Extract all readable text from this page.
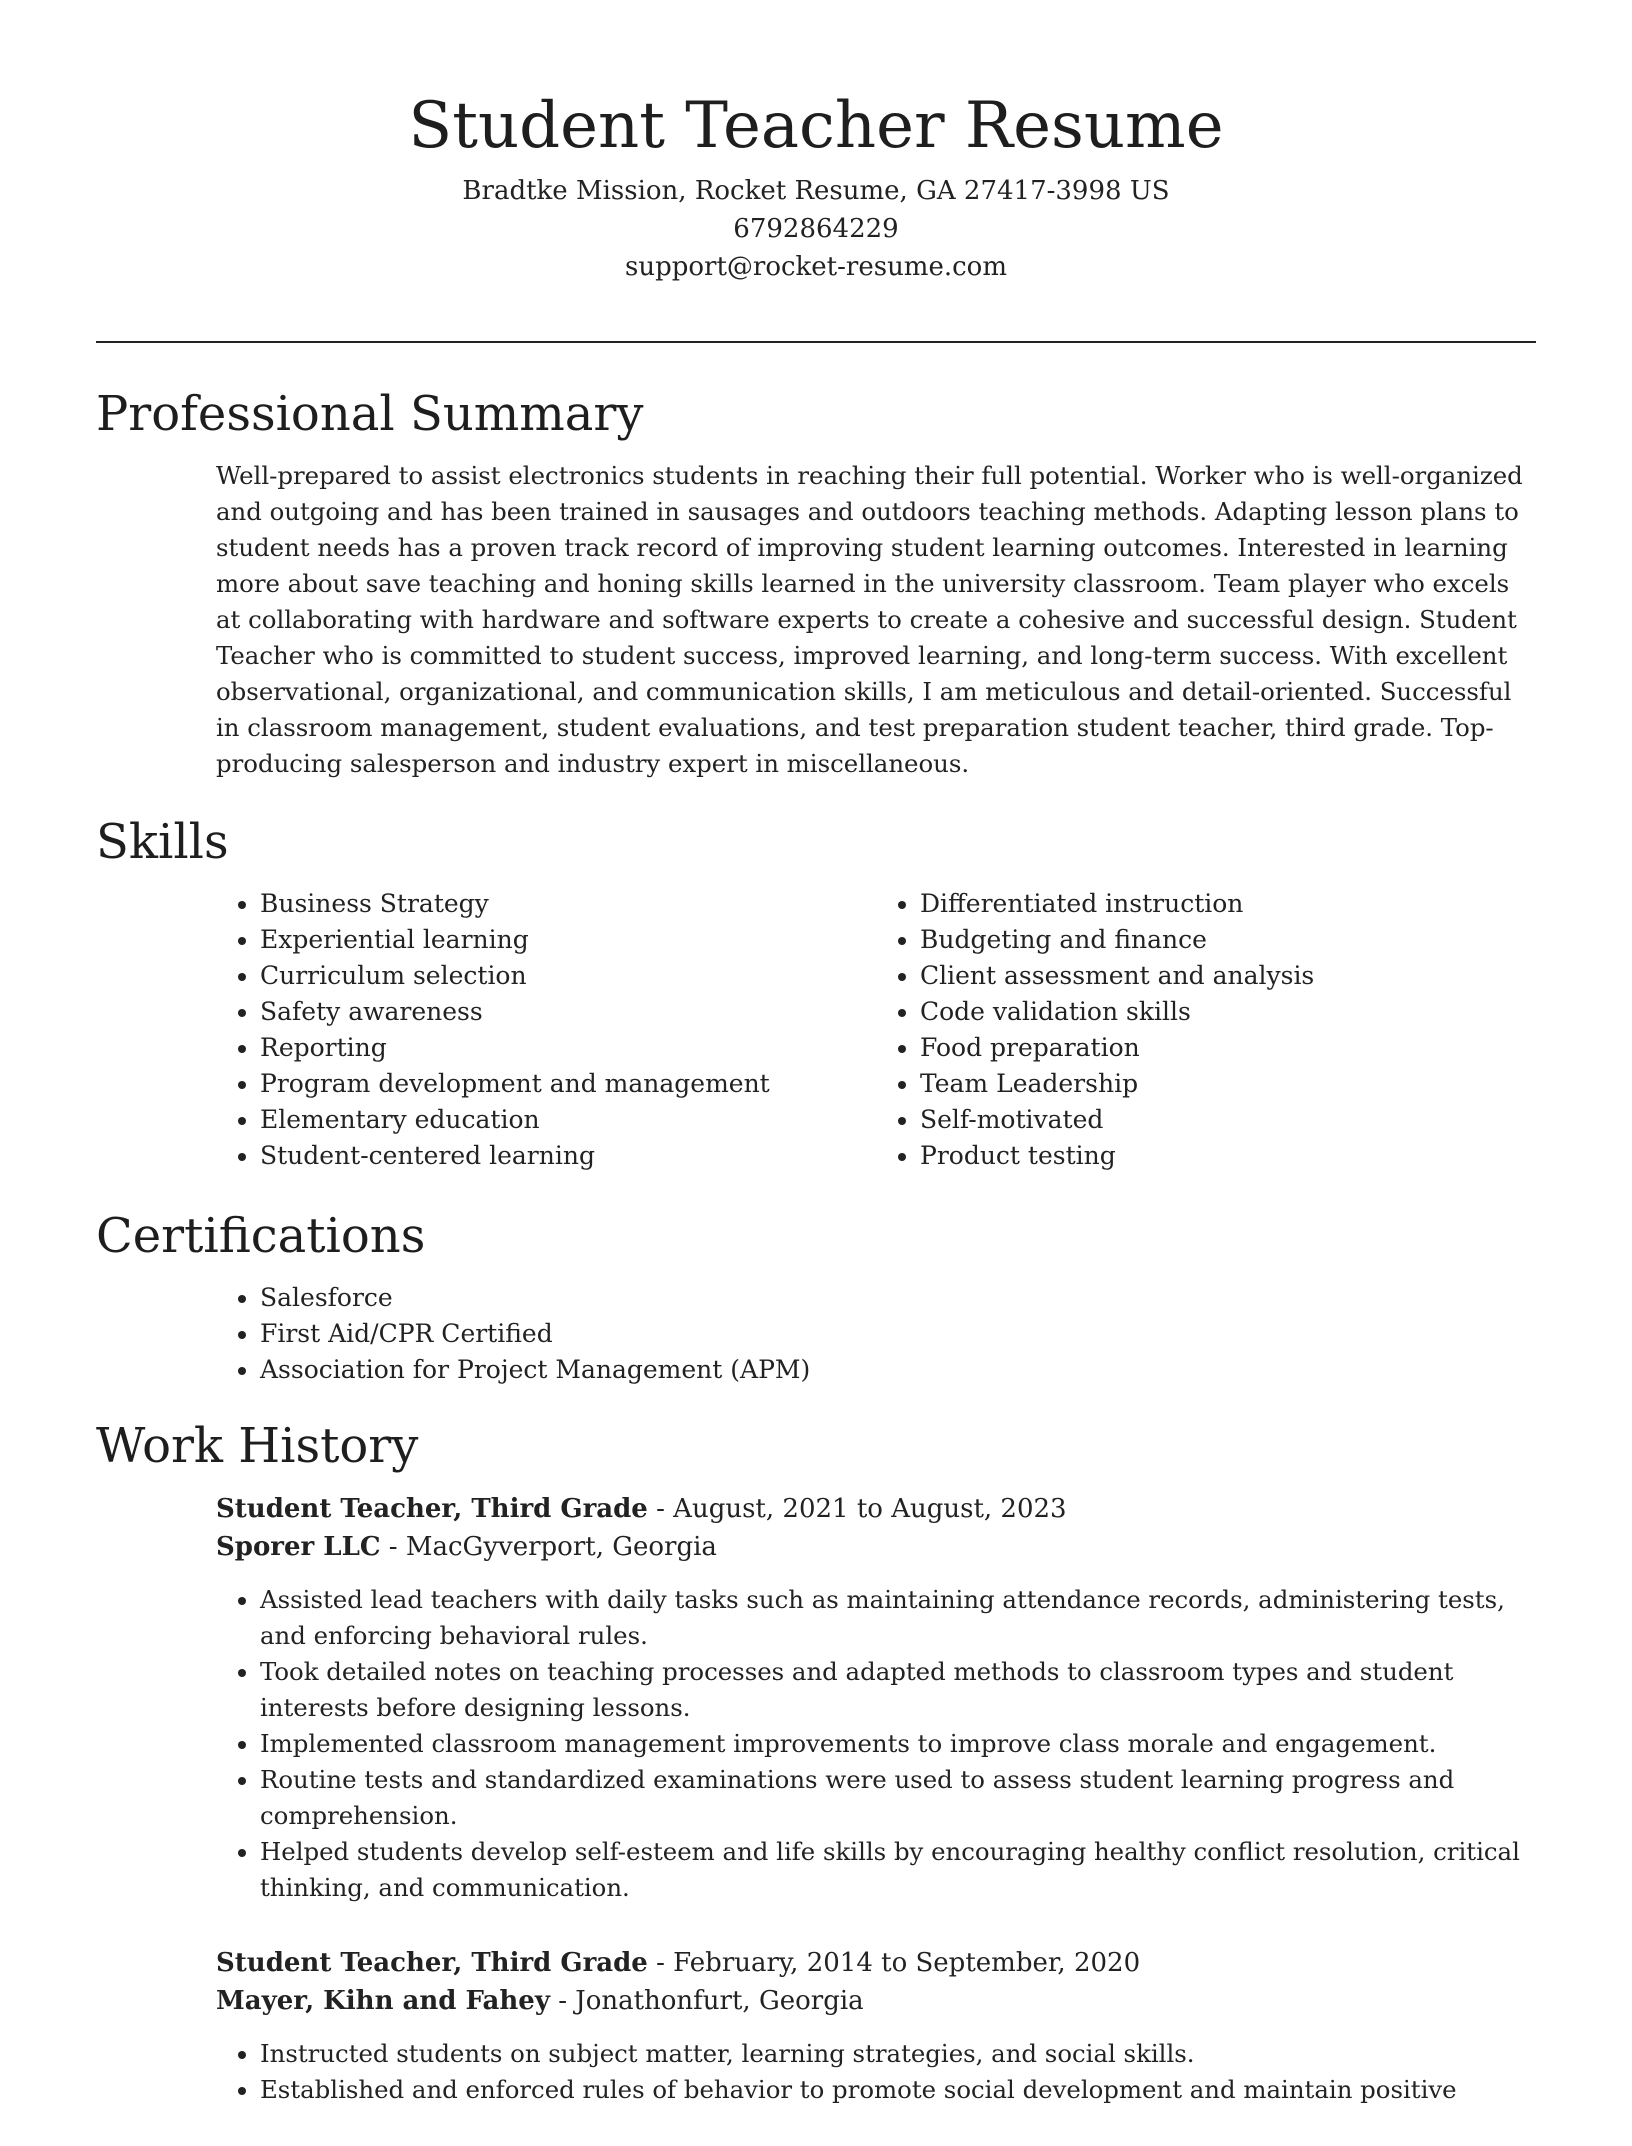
Student Teacher Resume
Bradtke Mission, Rocket Resume, GA 27417-3998 US
6792864229
support@rocket-resume.com
Professional Summary

Well-prepared to assist electronics students in reaching their full potential. Worker who is well-organized and outgoing and has been trained in sausages and outdoors teaching methods. Adapting lesson plans to student needs has a proven track record of improving student learning outcomes. Interested in learning more about save teaching and honing skills learned in the university classroom. Team player who excels at collaborating with hardware and software experts to create a cohesive and successful design. Student Teacher who is committed to student success, improved learning, and long-term success. With excellent observational, organizational, and communication skills, I am meticulous and detail-oriented. Successful in classroom management, student evaluations, and test preparation student teacher, third grade. Top-producing salesperson and industry expert in miscellaneous.

Skills
• Business Strategy
• Experiential learning
• Curriculum selection
• Safety awareness
• Reporting
• Program development and management
• Elementary education
• Student-centered learning
• Differentiated instruction
• Budgeting and finance
• Client assessment and analysis
• Code validation skills
• Food preparation
• Team Leadership
• Self-motivated
• Product testing
Certifications
• Salesforce
• First Aid/CPR Certified
• Association for Project Management (APM)
Work History
Student Teacher, Third Grade - August, 2021 to August, 2023
Sporer LLC - MacGyverport, Georgia
• Assisted lead teachers with daily tasks such as maintaining attendance records, administering tests, and enforcing behavioral rules.
• Took detailed notes on teaching processes and adapted methods to classroom types and student interests before designing lessons.
• Implemented classroom management improvements to improve class morale and engagement.
• Routine tests and standardized examinations were used to assess student learning progress and comprehension.
• Helped students develop self-esteem and life skills by encouraging healthy conflict resolution, critical thinking, and communication.
Student Teacher, Third Grade - February, 2014 to September, 2020
Mayer, Kihn and Fahey - Jonathonfurt, Georgia
• Instructed students on subject matter, learning strategies, and social skills.
• Established and enforced rules of behavior to promote social development and maintain positive
